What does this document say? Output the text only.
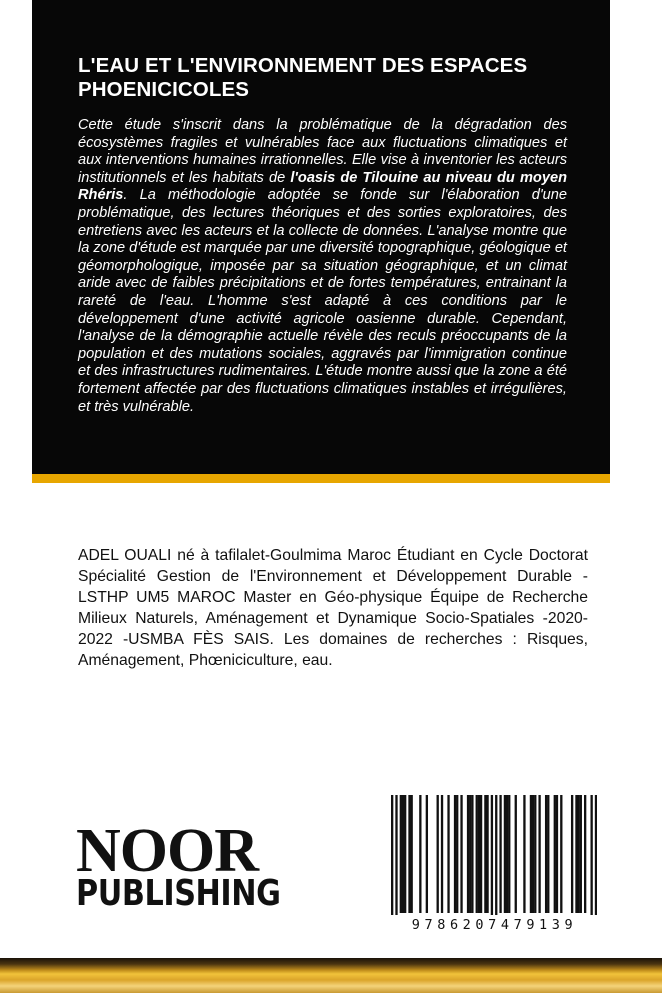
L'EAU ET L'ENVIRONNEMENT DES ESPACES PHOENICICOLES

Cette étude s'inscrit dans la problématique de la dégradation des écosystèmes fragiles et vulnérables face aux fluctuations climatiques et aux interventions humaines irrationnelles. Elle vise à inventorier les acteurs institutionnels et les habitats de l'oasis de Tilouine au niveau du moyen Rhéris. La méthodologie adoptée se fonde sur l'élaboration d'une problématique, des lectures théoriques et des sorties exploratoires, des entretiens avec les acteurs et la collecte de données. L'analyse montre que la zone d'étude est marquée par une diversité topographique, géologique et géomorphologique, imposée par sa situation géographique, et un climat aride avec de faibles précipitations et de fortes températures, entrainant la rareté de l'eau. L'homme s'est adapté à ces conditions par le développement d'une activité agricole oasienne durable. Cependant, l'analyse de la démographie actuelle révèle des reculs préoccupants de la population et des mutations sociales, aggravés par l'immigration continue et des infrastructures rudimentaires. L'étude montre aussi que la zone a été fortement affectée par des fluctuations climatiques instables et irrégulières, et très vulnérable.

ADEL OUALI né à tafilalet-Goulmima Maroc Étudiant en Cycle Doctorat Spécialité Gestion de l'Environnement et Développement Durable - LSTHP UM5 MAROC Master en Géo-physique Équipe de Recherche Milieux Naturels, Aménagement et Dynamique Socio-Spatiales -2020-2022 -USMBA FÈS SAIS. Les domaines de recherches : Risques, Aménagement, Phœniciculture, eau.

NOOR
PUBLISHING
9786207479139
